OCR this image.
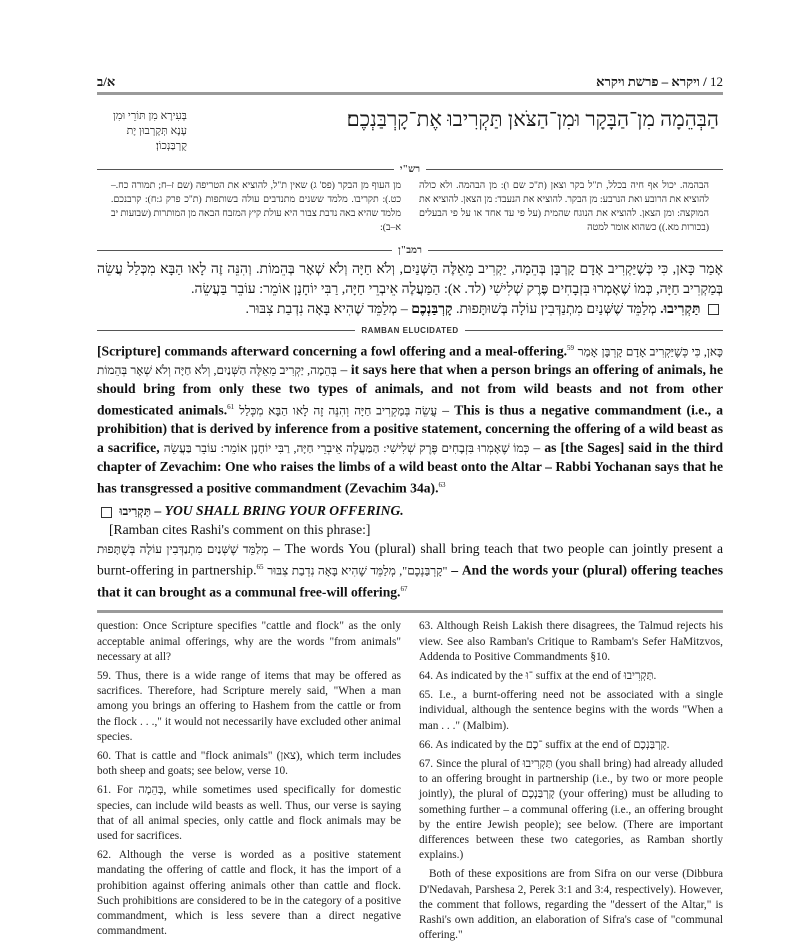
א/ב	12 / ויקרא – פרשת ויקרא
הַבְּהֵמָה מִן־הַבָּקָר וּמִן־הַצֹּאן תַּקְרִיבוּ אֶת־קָרְבַּנְכֶם׃
בְּעִירָא מִן תּוֹרֵי וּמִן עָנָא תְּקָרְבוּן יָת קֻרְבַּנְכוֹן׃
רש"י
הבהמה. יכול אף חיה בכלל, ת"ל בקר וצאן (ת"כ שם ו): מן הבהמה. ולא כולה להוציא את הרובע ואת הנרבע: מן הבקר. להוציא את הנעבד: מן הצאן. להוציא את המוקצה: ומן הצאן. להוציא את הנוגח שהמית (על פי עד אחד או על פי הבעלים (בכורות מא.)) כשהוא אומר למטה
מן העוף מן הבקר (פס' ג) שאין ת"ל, להוציא את הטריפה (שם ז–ח; תמורה כח.–כט.): תקריבו. מלמד ששנים מתנדבים עולה בשותפות (ת"כ פרק ג:ח): קרבנכם. מלמד שהיא באה נדבת צבור היא עולת קיץ המזבח הבאה מן המותרות (שבועות יב א–ב):
רמב"ן
אָמַר כָּאן, כִּי כְּשֶׁיַּקְרִיב אָדָם קָרְבָּן בְּהֵמָה, יַקְרִיב מֵאֵלֶּה הַשְּׁנַיִם, וְלֹא חַיָּה וְלֹא שְׁאָר בְּהֵמוֹת. וְהִנֵּה זֶה לָאו הַבָּא מִכְּלַל עֲשֵׂה בְּמַקְרִיב חַיָּה, כְּמוֹ שֶׁאָמְרוּ בִּזְבָחִים פֶּרֶק שְׁלִישִׁי (לד. א): הַמַּעֲלֶה אֵיבְרֵי חַיָּה, רַבִּי יוֹחָנָן אוֹמֵר: עוֹבֵר בַּעֲשֵׂה.
תַּקְרִיבוּ. מְלַמֵּד שֶׁשְּׁנַיִם מִתְנַדְּבִין עוֹלָה בְּשׁוּתָּפוּת. קָרְבַּנְכֶם – מְלַמֵּד שֶׁהִיא בָּאָה נִדְבַת צִבּוּר.
RAMBAN ELUCIDATED
[Scripture] commands afterward concerning a fowl offering and a meal-offering.$^{59}$ אָמַר כָּאן, כִּי כְּשֶׁיַּקְרִיב אָדָם קָרְבָּן בְּהֵמָה, יַקְרִיב מֵאֵלֶּה הַשְּׁנַיִם, וְלֹא חַיָּה וְלֹא שְׁאָר בְּהֵמוֹת – it says here that when a person brings an offering of animals, he should bring from only these two types of animals, and not from wild beasts and not from other domesticated animals.$^{61}$ וְהִנֵּה זֶה לָאו הַבָּא מִכְּלַל עֲשֵׂה בְּמַקְרִיב חַיָּה – This is thus a negative commandment (i.e., a prohibition) that is derived by inference from a positive statement, concerning the offering of a wild beast as a sacrifice, כְּמוֹ שֶׁאָמְרוּ בִּזְבָחִים פֶּרֶק שְׁלִישִׁי: הַמַּעֲלֶה אֵיבְרֵי חַיָּה, רַבִּי יוֹחָנָן אוֹמֵר: עוֹבֵר בַּעֲשֵׂה – as [the Sages] said in the third chapter of Zevachim: One who raises the limbs of a wild beast onto the Altar – Rabbi Yochanan says that he has transgressed a positive commandment (Zevachim 34a).$^{63}$
תַּקְרִיבוּ – YOU SHALL BRING YOUR OFFERING.
[Ramban cites Rashi's comment on this phrase:]
מְלַמֵּד שֶׁשְּׁנַיִם מִתְנַדְּבִין עוֹלָה בְּשֻׁתָּפוּת – The words You (plural) shall bring teach that two people can jointly present a burnt-offering in partnership.$^{65}$ "קָרְבַּנְכֶם", מְלַמֵּד שֶׁהִיא בָּאָה נִדְבַת צִבּוּר – And the words your (plural) offering teaches that it can brought as a communal free-will offering.$^{67}$

question: Once Scripture specifies "cattle and flock" as the only acceptable animal offerings, why are the words "from animals" necessary at all?

59. Thus, there is a wide range of items that may be offered as sacrifices. Therefore, had Scripture merely said, "When a man among you brings an offering to Hashem from the cattle or from the flock . . .," it would not necessarily have excluded other animal species.

60. That is cattle and "flock animals" (צאן), which term includes both sheep and goats; see below, verse 10.

61. For בְּהֵמָה, while sometimes used specifically for domestic species, can include wild beasts as well. Thus, our verse is saying that of all animal species, only cattle and flock animals may be used for sacrifices.

62. Although the verse is worded as a positive statement mandating the offering of cattle and flock, it has the import of a prohibition against offering animals other than cattle and flock. Such prohibitions are considered to be in the category of a positive commandment, which is less severe than a direct negative commandment.

63. Although Reish Lakish there disagrees, the Talmud rejects his view. See also Ramban's Critique to Rambam's Sefer HaMitzvos, Addenda to Positive Commandments §10.

64. As indicated by the ־וּ suffix at the end of תַּקְרִיבוּ.

65. I.e., a burnt-offering need not be associated with a single individual, although the sentence begins with the words "When a man . . ." (Malbim).

66. As indicated by the ־כֶם suffix at the end of קָרְבַּנְכֶם.

67. Since the plural of תַּקְרִיבוּ (you shall bring) had already alluded to an offering brought in partnership (i.e., by two or more people jointly), the plural of קָרְבַּנְכֶם (your offering) must be alluding to something further – a communal offering (i.e., an offering brought by the entire Jewish people); see below. (There are important differences between these two categories, as Ramban shortly explains.)

Both of these expositions are from Sifra on our verse (Dibbura D'Nedavah, Parshesa 2, Perek 3:1 and 3:4, respectively). However, the comment that follows, regarding the "dessert of the Altar," is Rashi's own addition, an elaboration of Sifra's case of "communal offering."
